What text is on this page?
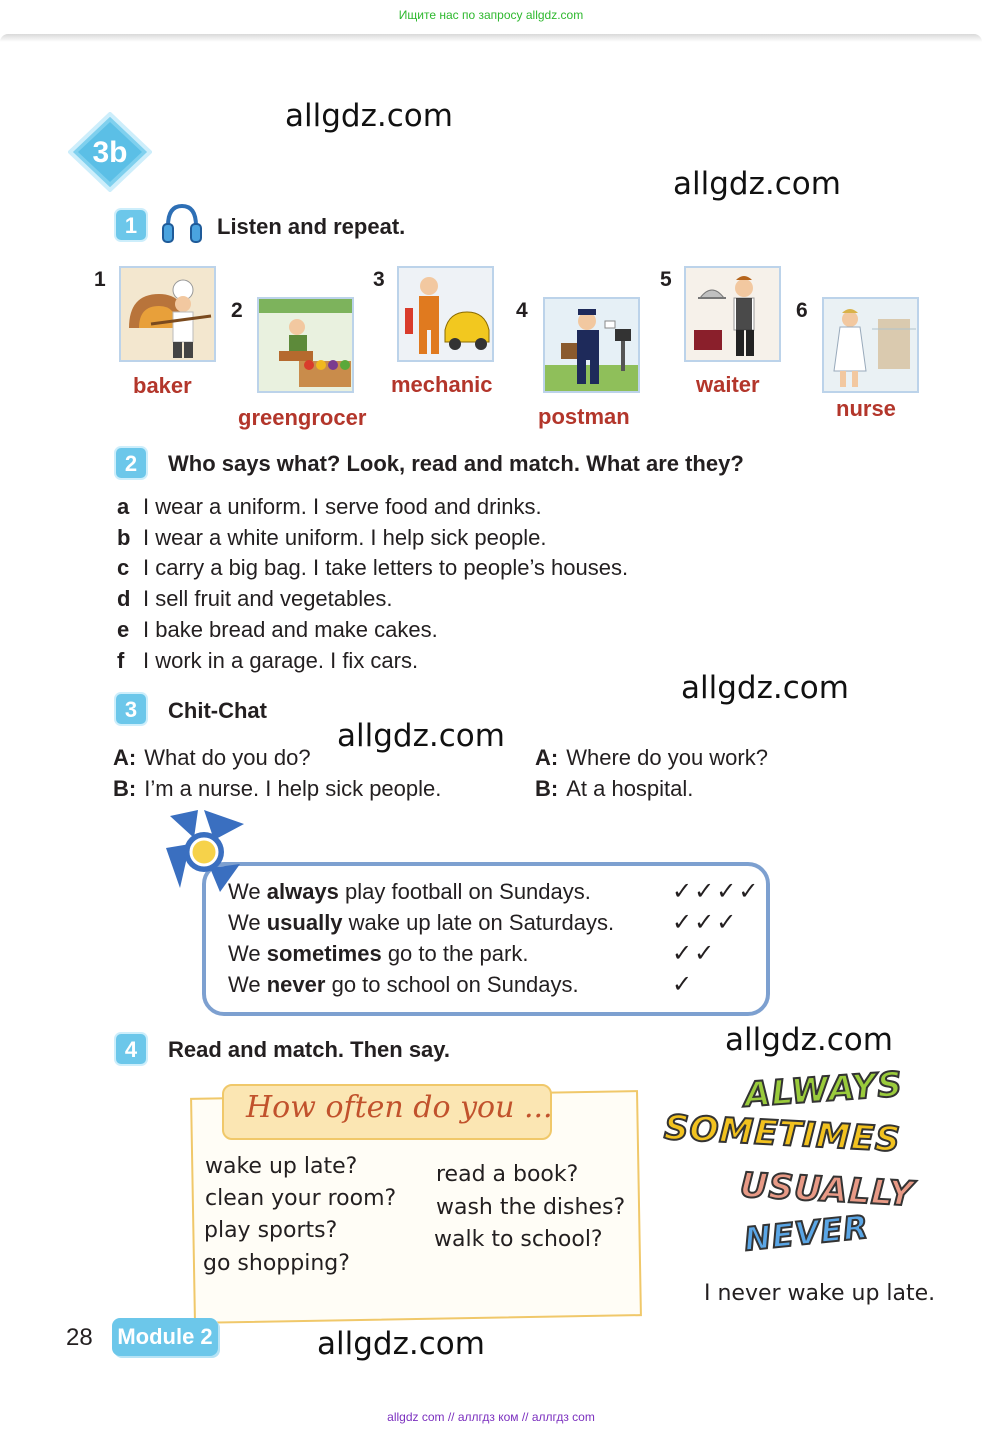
Ищите нас по запросу allgdz.com
3b
allgdz.com
allgdz.com
allgdz.com
allgdz.com
allgdz.com
allgdz.com
1	Listen and repeat.
1
baker
2
greengrocer
3
mechanic
4
postman
5
waiter
6
nurse
2 Who says what? Look, read and match. What are they?
a I wear a uniform. I serve food and drinks.
b I wear a white uniform. I help sick people.
c I carry a big bag. I take letters to people’s houses.
d I sell fruit and vegetables.
e I bake bread and make cakes.
f I work in a garage. I fix cars.
3 Chit-Chat
A: What do you do?
B: I’m a nurse. I help sick people.
A: Where do you work?
B: At a hospital.
We always play football on Sundays.
We usually wake up late on Saturdays.
We sometimes go to the park.
We never go to school on Sundays.
✓✓✓✓
✓✓✓
✓✓
✓
4 Read and match. Then say.
How often do you ...
wake up late?
clean your room?
play sports?
go shopping?
read a book?
wash the dishes?
walk to school?
ALWAYS
SOMETIMES
USUALLY
NEVER
I never wake up late.
28 Module 2
allgdz com // аллгдз ком // аллгдз com
